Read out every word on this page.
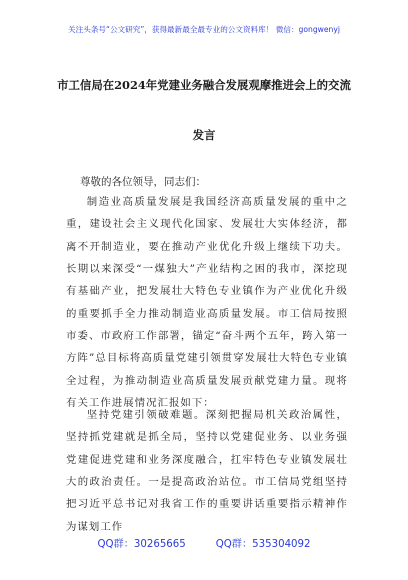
关注头条号“公文研究”，获得最新最全最专业的公文资料库！ 微信：gongwenyj
市工信局在2024年党建业务融合发展观摩推进会上的交流
发言
尊敬的各位领导，同志们：
制造业高质量发展是我国经济高质量发展的重中之重，建设社会主义现代化国家、发展壮大实体经济，都离不开制造业，要在推动产业优化升级上继续下功夫。长期以来深受“一煤独大”产业结构之困的我市，深挖现有基础产业，把发展壮大特色专业镇作为产业优化升级的重要抓手全力推动制造业高质量发展。市工信局按照市委、市政府工作部署，锚定“奋斗两个五年，跨入第一方阵”总目标将高质量党建引领贯穿发展壮大特色专业镇全过程，为推动制造业高质量发展贡献党建力量。现将有关工作进展情况汇报如下：
坚持党建引领破难题。深刻把握局机关政治属性，坚持抓党建就是抓全局，坚持以党建促业务、以业务强党建促进党建和业务深度融合，扛牢特色专业镇发展壮大的政治责任。一是提高政治站位。市工信局党组坚持把习近平总书记对我省工作的重要讲话重要指示精神作为谋划工作
QQ群：30265665	QQ群：535304092
